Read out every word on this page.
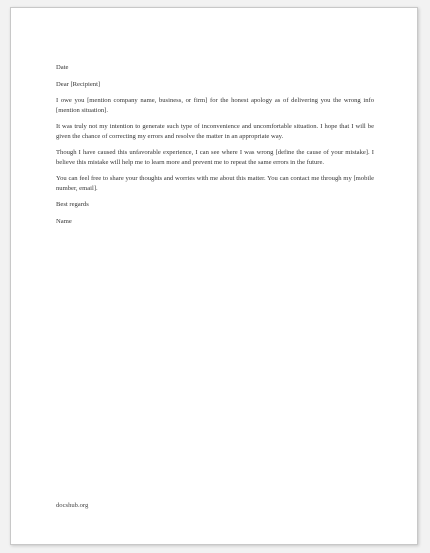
Date

Dear [Recipient]

I owe you [mention company name, business, or firm] for the honest apology as of delivering you the wrong info [mention situation].

It was truly not my intention to generate such type of inconvenience and uncomfortable situation. I hope that I will be given the chance of correcting my errors and resolve the matter in an appropriate way.

Though I have caused this unfavorable experience, I can see where I was wrong [define the cause of your mistake]. I believe this mistake will help me to learn more and prevent me to repeat the same errors in the future.

You can feel free to share your thoughts and worries with me about this matter. You can contact me through my [mobile number, email].

Best regards

Name

docshub.org
